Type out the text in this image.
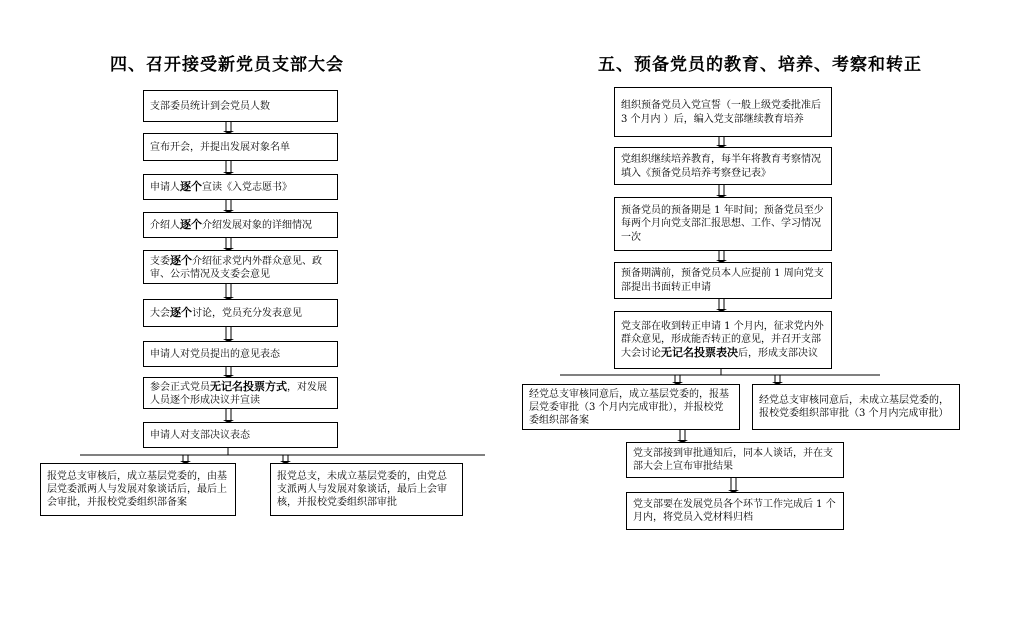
四、召开接受新党员支部大会	五、预备党员的教育、培养、考察和转正
支部委员统计到会党员人数
宣布开会，并提出发展对象名单
申请人逐个宣读《入党志愿书》
介绍人逐个介绍发展对象的详细情况
支委逐个介绍征求党内外群众意见、政审、公示情况及支委会意见
大会逐个讨论，党员充分发表意见
申请人对党员提出的意见表态
参会正式党员无记名投票方式，对发展人员逐个形成决议并宣读
申请人对支部决议表态
报党总支审核后，成立基层党委的，由基层党委派两人与发展对象谈话后，最后上会审批，并报校党委组织部备案
报党总支，未成立基层党委的，由党总支派两人与发展对象谈话，最后上会审核，并报校党委组织部审批
组织预备党员入党宣誓（一般上级党委批准后 3 个月内 ）后，编入党支部继续教育培养
党组织继续培养教育，每半年将教育考察情况填入《预备党员培养考察登记表》
预备党员的预备期是 1 年时间；预备党员至少每两个月向党支部汇报思想、工作、学习情况一次
预备期满前，预备党员本人应提前 1 周向党支部提出书面转正申请
党支部在收到转正申请 1 个月内，征求党内外群众意见，形成能否转正的意见，并召开支部大会讨论无记名投票表决后，形成支部决议
经党总支审核同意后，成立基层党委的，报基层党委审批（3 个月内完成审批），并报校党委组织部备案
经党总支审核同意后，未成立基层党委的，报校党委组织部审批（3 个月内完成审批）
党支部接到审批通知后，同本人谈话，并在支部大会上宣布审批结果
党支部要在发展党员各个环节工作完成后 1 个月内，将党员入党材料归档
